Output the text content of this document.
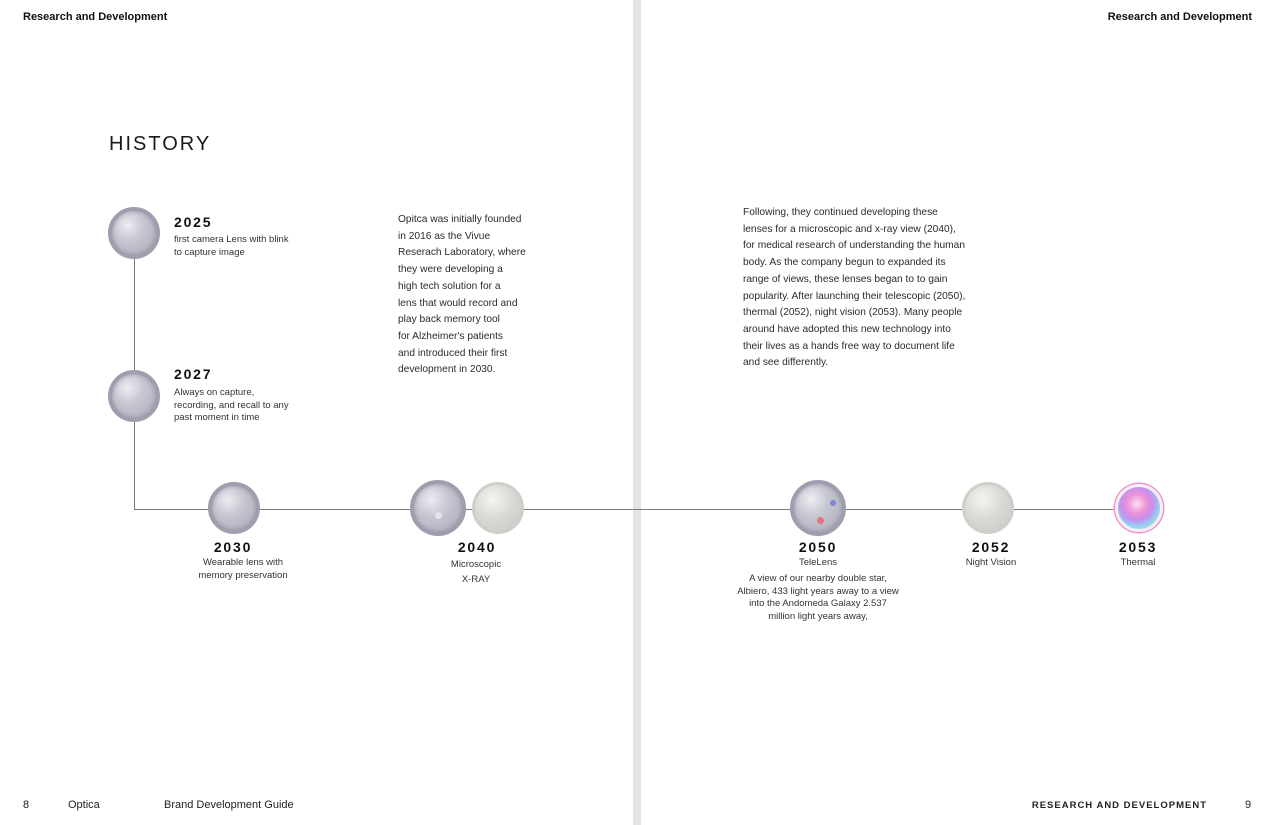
Research and Development	Research and Development
HISTORY
2025
first camera Lens with blink
to capture image
2027
Always on capture,
recording, and recall to any
past moment in time
Opitca was initially founded
in 2016 as the Vivue
Reserach Laboratory, where
they were developing a
high tech solution for a
lens that would record and
play back memory tool
for Alzheimer's patients
and introduced their first
development in 2030.
Following, they continued developing these
lenses for a microscopic and x-ray view (2040),
for medical research of understanding the human
body. As the company begun to expanded its
range of views, these lenses began to to gain
popularity. After launching their telescopic (2050),
thermal (2052), night vision (2053). Many people
around have adopted this new technology into
their lives as a hands free way to document life
and see differently.
2030
Wearable lens with
memory preservation
2040
Microscopic
X-RAY
2050
TeleLens
A view of our nearby double star,
Albiero, 433 light years away to a view
into the Andomeda Galaxy 2.537
million light years away,
2052
Night Vision
2053
Thermal
8	Optica	Brand Development Guide	RESEARCH AND DEVELOPMENT	9
